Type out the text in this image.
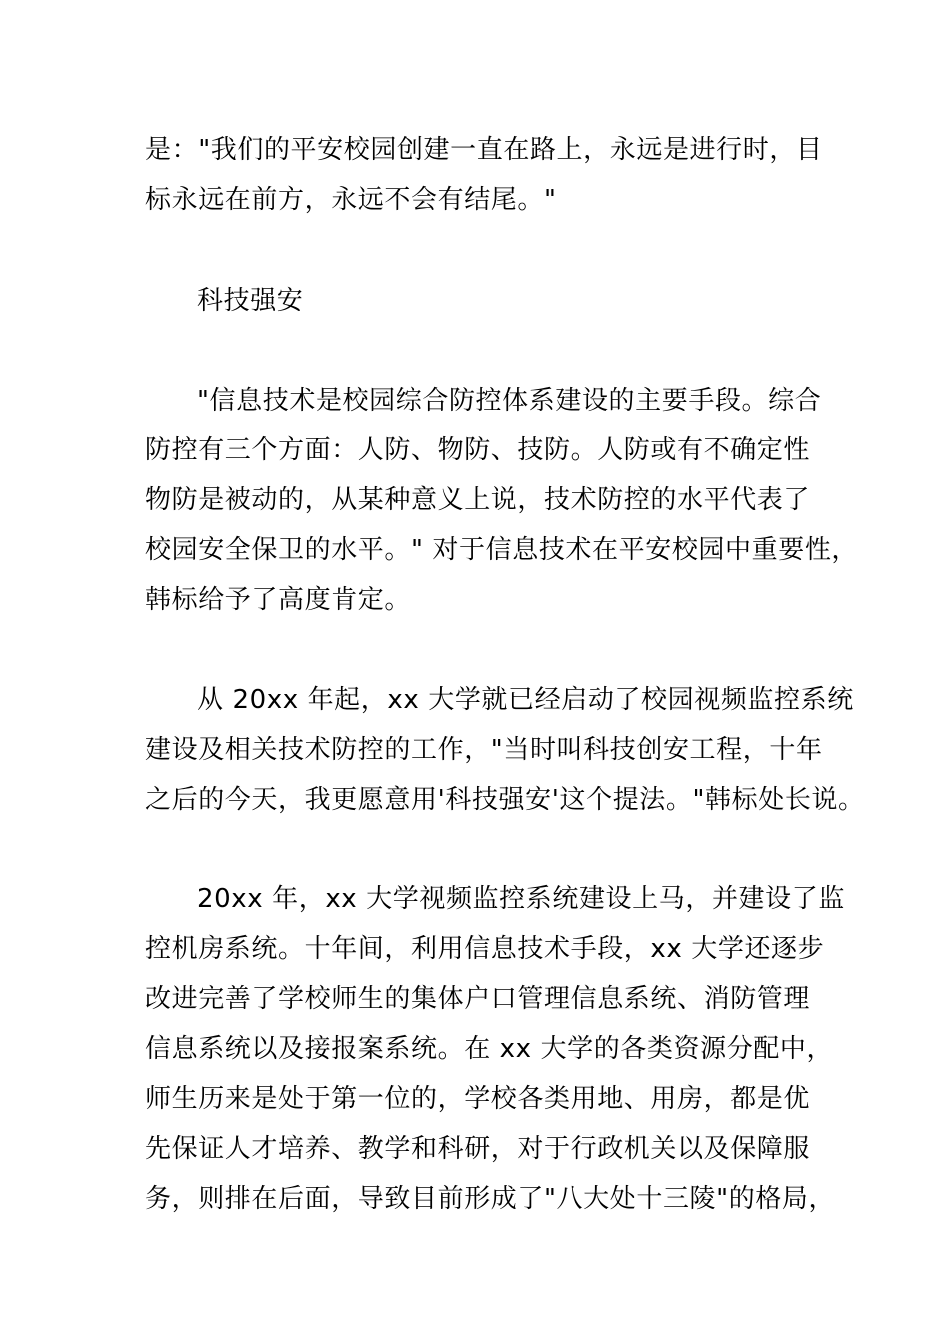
是："我们的平安校园创建一直在路上，永远是进行时，目
标永远在前方，永远不会有结尾。"
科技强安
"信息技术是校园综合防控体系建设的主要手段。综合
防控有三个方面：人防、物防、技防。人防或有不确定性
物防是被动的，从某种意义上说，技术防控的水平代表了
校园安全保卫的水平。" 对于信息技术在平安校园中重要性，
韩标给予了高度肯定。
从 20xx 年起，xx 大学就已经启动了校园视频监控系统
建设及相关技术防控的工作，"当时叫科技创安工程，十年
之后的今天，我更愿意用'科技强安'这个提法。"韩标处长说。
20xx 年，xx 大学视频监控系统建设上马，并建设了监
控机房系统。十年间，利用信息技术手段，xx 大学还逐步
改进完善了学校师生的集体户口管理信息系统、消防管理
信息系统以及接报案系统。在 xx 大学的各类资源分配中，
师生历来是处于第一位的，学校各类用地、用房，都是优
先保证人才培养、教学和科研，对于行政机关以及保障服
务，则排在后面，导致目前形成了"八大处十三陵"的格局，
